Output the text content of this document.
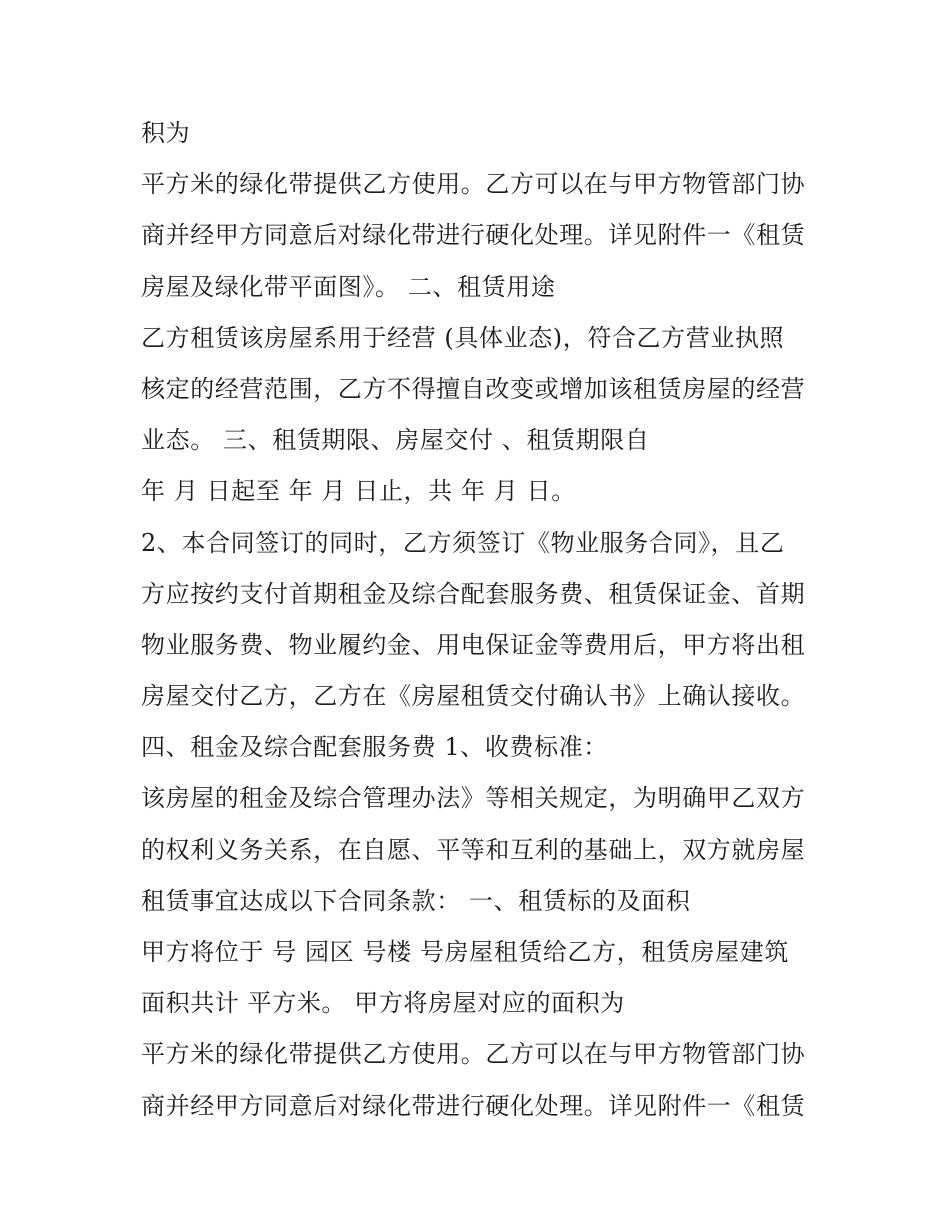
积为
平方米的绿化带提供乙方使用。乙方可以在与甲方物管部门协
商并经甲方同意后对绿化带进行硬化处理。详见附件一《租赁
房屋及绿化带平面图》。 二、租赁用途
乙方租赁该房屋系用于经营 (具体业态)，符合乙方营业执照
核定的经营范围，乙方不得擅自改变或增加该租赁房屋的经营
业态。 三、租赁期限、房屋交付 、租赁期限自
年 月 日起至 年 月 日止，共 年 月 日。
2、本合同签订的同时，乙方须签订《物业服务合同》，且乙
方应按约支付首期租金及综合配套服务费、租赁保证金、首期
物业服务费、物业履约金、用电保证金等费用后，甲方将出租
房屋交付乙方，乙方在《房屋租赁交付确认书》上确认接收。
四、租金及综合配套服务费 1、收费标准：
该房屋的租金及综合管理办法》等相关规定，为明确甲乙双方
的权利义务关系，在自愿、平等和互利的基础上，双方就房屋
租赁事宜达成以下合同条款： 一、租赁标的及面积
甲方将位于 号 园区 号楼 号房屋租赁给乙方，租赁房屋建筑
面积共计 平方米。 甲方将房屋对应的面积为
平方米的绿化带提供乙方使用。乙方可以在与甲方物管部门协
商并经甲方同意后对绿化带进行硬化处理。详见附件一《租赁
